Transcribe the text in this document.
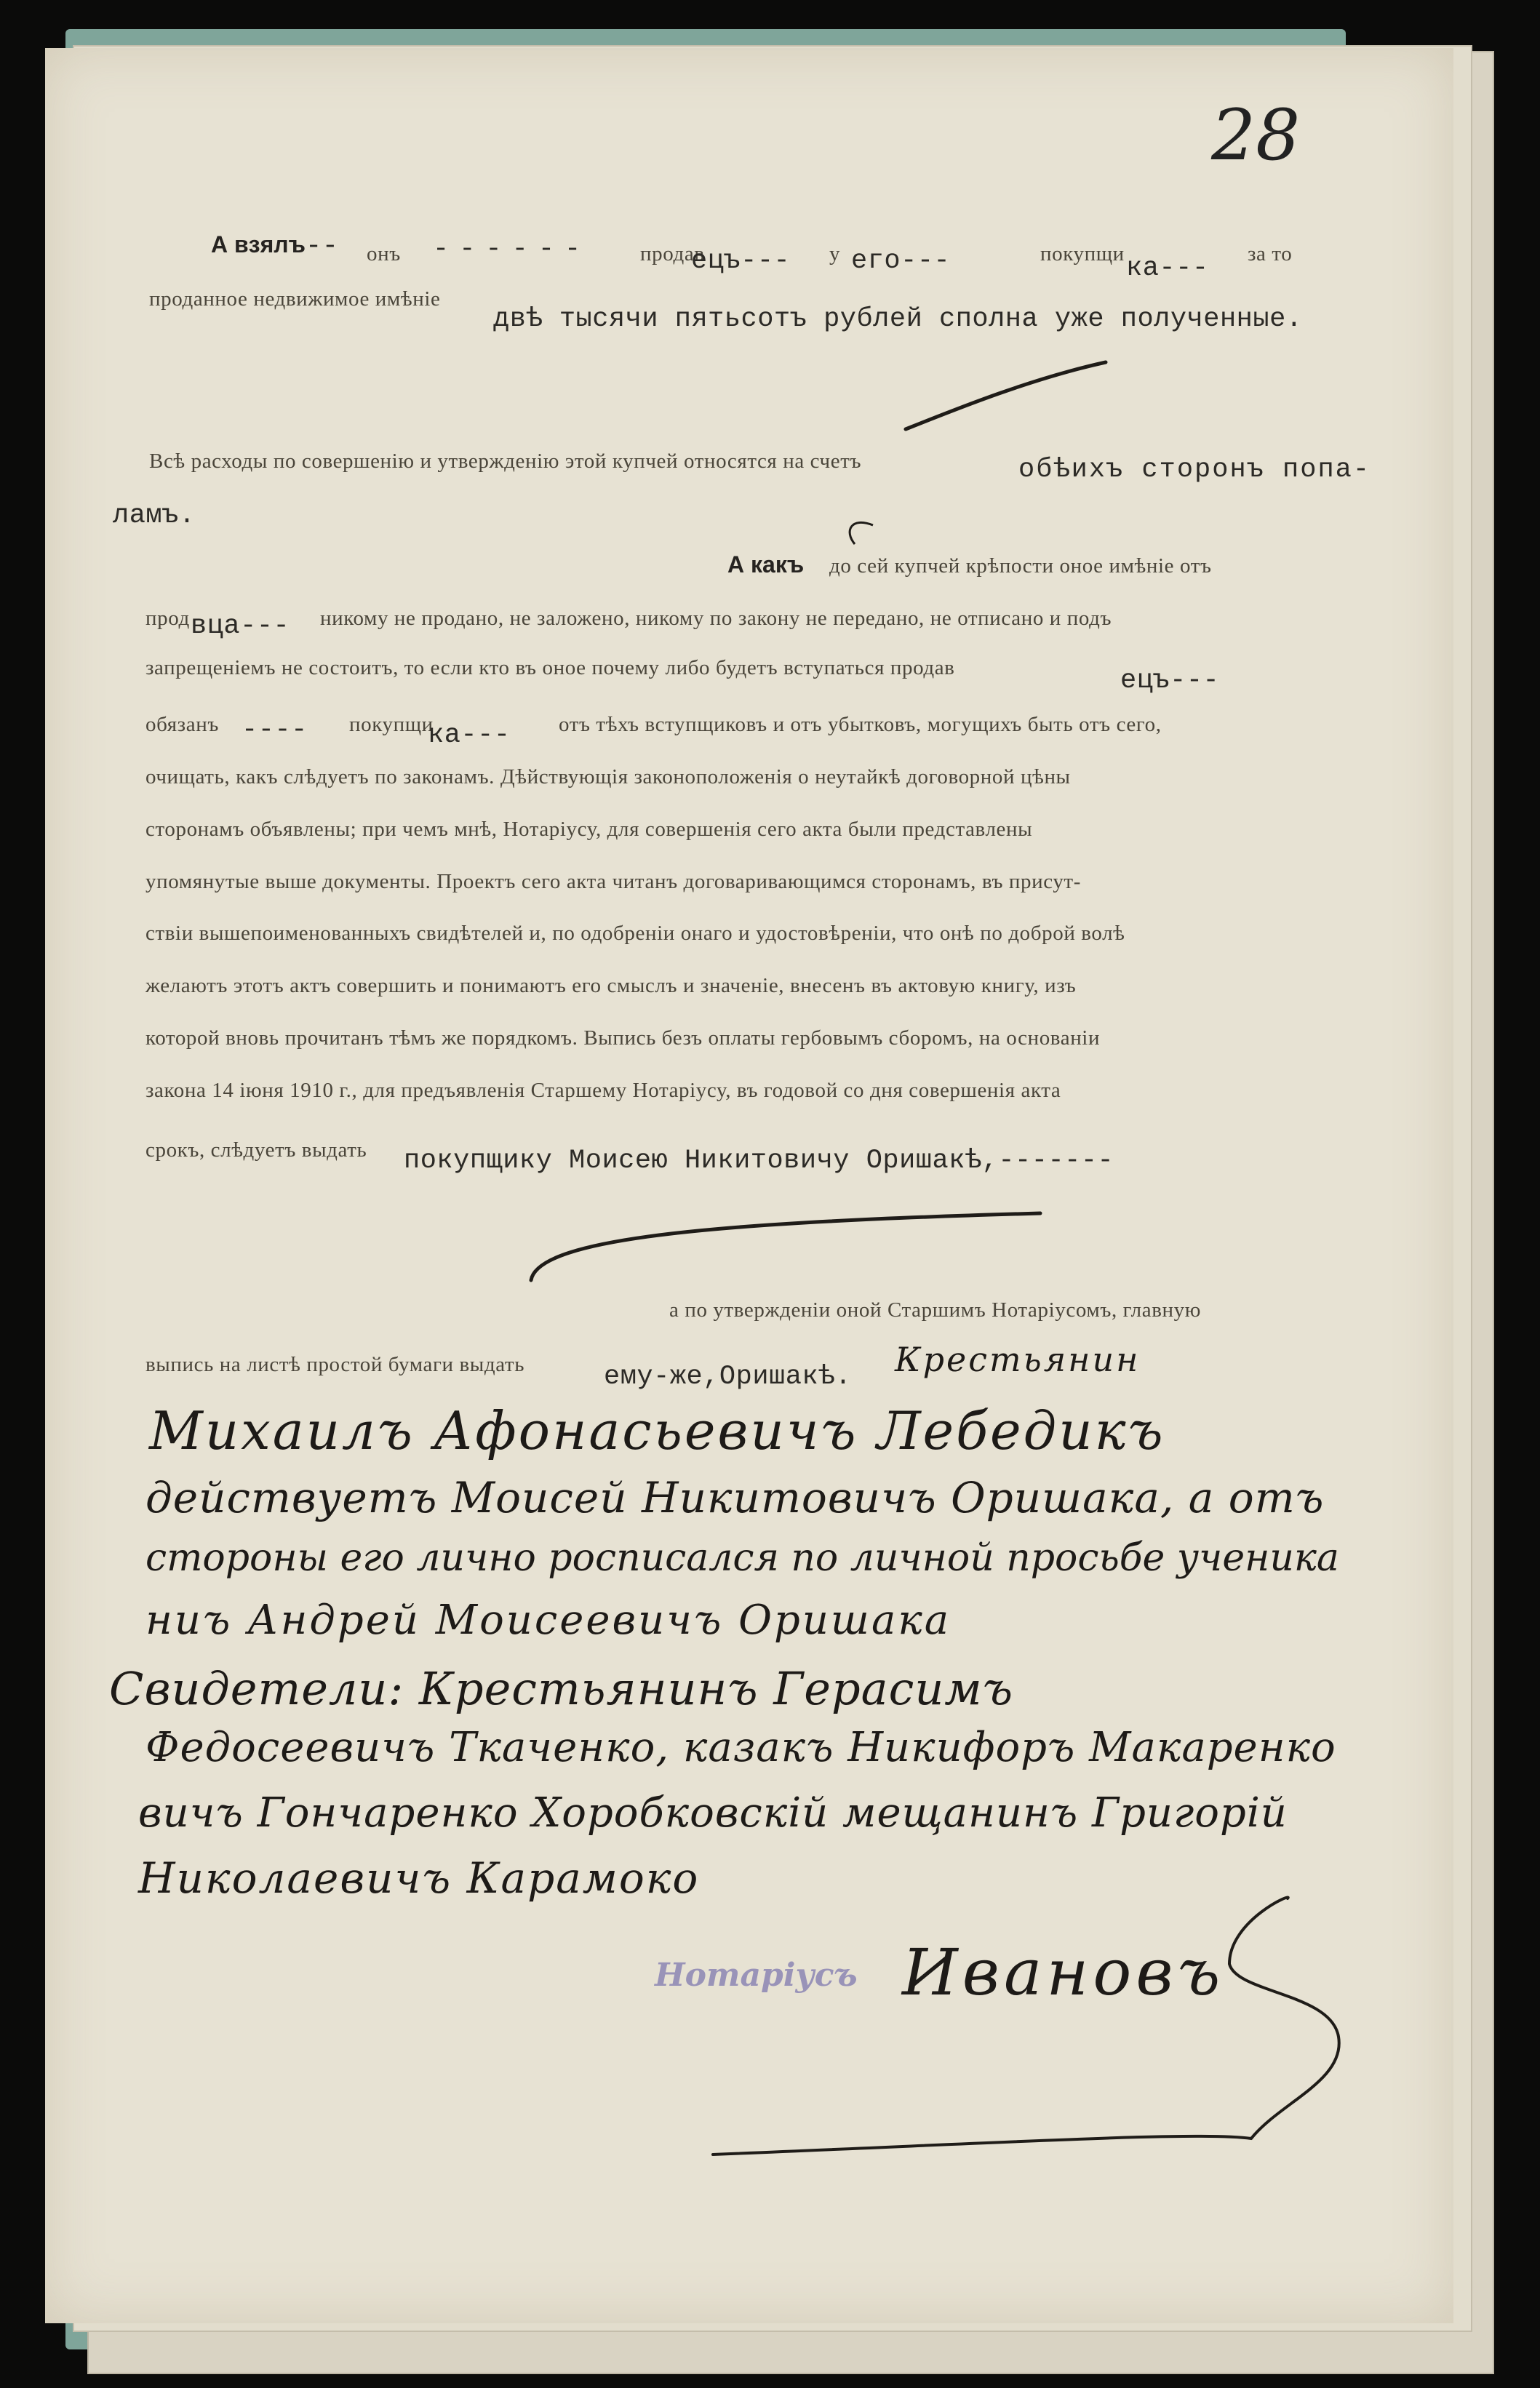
28
А взялъ -- онъ ------ продав
ецъ--- у его---	покупщи ка--- за то
проданное недвижимое имѣніе
двѣ тысячи пятьсотъ рублей сполна уже полученные.
Всѣ расходы по совершенію и утвержденію этой купчей относятся на счетъ	обѣихъ сторонъ попа-
ламъ.
А какъ до сей купчей крѣпости оное имѣніе отъ
прод вца--- никому не продано, не заложено, никому по закону не передано, не отписано и подъ
запрещеніемъ не состоитъ, то если кто въ оное почему либо будетъ вступаться продав	ецъ---
обязанъ ---- покупщи
ка--- отъ тѣхъ вступщиковъ и отъ убытковъ, могущихъ быть отъ сего,
очищать, какъ слѣдуетъ по законамъ. Дѣйствующія законоположенія о неутайкѣ договорной цѣны
сторонамъ объявлены; при чемъ мнѣ, Нотаріусу, для совершенія сего акта были представлены
упомянутые выше документы. Проектъ сего акта читанъ договаривающимся сторонамъ, въ присут-
ствіи вышепоименованныхъ свидѣтелей и, по одобреніи онаго и удостовѣреніи, что онѣ по доброй волѣ
желаютъ этотъ актъ совершить и понимаютъ его смыслъ и значеніе, внесенъ въ актовую книгу, изъ
которой вновь прочитанъ тѣмъ же порядкомъ. Выпись безъ оплаты гербовымъ сборомъ, на основаніи
закона 14 іюня 1910 г., для предъявленія Старшему Нотаріусу, въ годовой со дня совершенія акта
срокъ, слѣдуетъ выдать покупщику Моисею Никитовичу Оришакѣ,-------
а по утвержденіи оной Старшимъ Нотаріусомъ, главную
выпись на листѣ простой бумаги выдать	ему-же,Оришакѣ. Крестьянин
Михаилъ Афонасьевичъ Лебедикъ
действуетъ Моисей Никитовичъ Оришака, а отъ
стороны его лично росписался по личной просьбе ученика
ниъ Андрей Моисеевичъ Оришака
Свидетели: Крестьянинъ Герасимъ
Федосеевичъ Ткаченко, казакъ Никифоръ Макаренко
вичъ Гончаренко Хоробковскій мещанинъ Григорій
Николаевичъ Карамоко
Нотаріусъ Ивановъ
